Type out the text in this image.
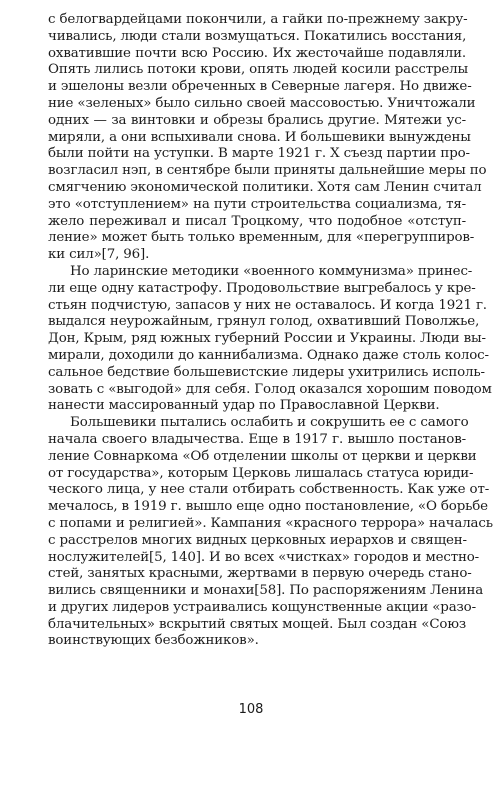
с белогвардейцами покончили, а гайки по-прежнему закру-
чивались, люди стали возмущаться. Покатились восстания,
охватившие почти всю Россию. Их жесточайше подавляли.
Опять лились потоки крови, опять людей косили расстрелы
и эшелоны везли обреченных в Северные лагеря. Но движе-
ние «зеленых» было сильно своей массовостью. Уничтожали
одних — за винтовки и обрезы брались другие. Мятежи ус-
миряли, а они вспыхивали снова. И большевики вынуждены
были пойти на уступки. В марте 1921 г. X съезд партии про-
возглаcил нэп, в сентябре были приняты дальнейшие меры по
смягчению экономической политики. Хотя сам Ленин считал
это «отступлением» на пути строительства социализма, тя-
жело переживал и писал Троцкому, что подобное «отступ-
ление» может быть только временным, для «перегруппиров-
ки сил»[7, 96].
Но ларинские методики «военного коммунизма» принес-
ли еще одну катастрофу. Продовольствие выгребалось у кре-
стьян подчистую, запасов у них не оставалось. И когда 1921 г.
выдался неурожайным, грянул голод, охвативший Поволжье,
Дон, Крым, ряд южных губерний России и Украины. Люди вы-
мирали, доходили до каннибализма. Однако даже столь колос-
сальное бедствие большевистские лидеры ухитрились исполь-
зовать с «выгодой» для себя. Голод оказался хорошим поводом
нанести массированный удар по Православной Церкви.
Большевики пытались ослабить и сокрушить ее с самого
начала своего владычества. Еще в 1917 г. вышло постанов-
ление Совнаркома «Об отделении школы от церкви и церкви
от государства», которым Церковь лишалась статуса юриди-
ческого лица, у нее стали отбирать собственность. Как уже от-
мечалось, в 1919 г. вышло еще одно постановление, «О борьбе
с попами и религией». Кампания «красного террора» началась
с расстрелов многих видных церковных иерархов и священ-
нослужителей[5, 140]. И во всех «чистках» городов и местно-
стей, занятых красными, жертвами в первую очередь стано-
вились священники и монахи[58]. По распоряжениям Ленина
и других лидеров устраивались кощунственные акции «разо-
блачительных» вскрытий святых мощей. Был создан «Союз
воинствующих безбожников».
108
